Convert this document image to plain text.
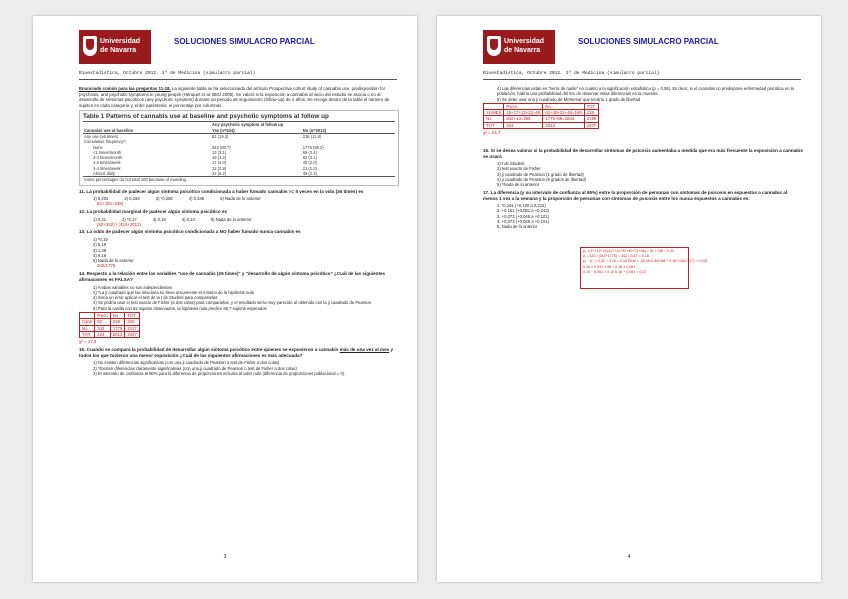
Universidad
de Navarra
SOLUCIONES SIMULACRO PARCIAL
Bioestadística, Octubre 2012. 1º de Medicina (simulacro parcial)

Enunciado común para las preguntas 11-18. La siguiente tabla se ha seleccionado del artículo Prospective cohort study of cannabis use, predisposition for psychosis, and psychotic symptoms in young people (Henquet et al. BMJ 2005). Se valoró si la exposición a cannabis al inicio del estudio se asocia o no al desarrollo de síntomas psicóticos (any psychotic symptom) durante un periodo de seguimiento (follow-up) de 4 años. Se recoge dentro de la tabla el número de sujetos en cada categoría y, entre paréntesis, el porcentaje por columnas.

Table 1 Patterns of cannabis use at baseline and psychotic symptoms at follow up
	Any psychotic symptom at follow up	
Cannabis use at baseline	Yes (n=424)	No (n=2013)
Any use (≥5 times)	82 (19.3)	238 (11.8)
Cumulative frequency*:		
None	342 (80.7)	1775 (88.2)
<1 times/month	13 (3.1)	69 (3.4)
3-4 times/month	18 (4.2)	62 (3.1)
1-2 times/week	17 (4.0)	40 (2.0)
3-4 times/week	12 (2.8)	21 (1.0)
Almost daily	22 (5.2)	46 (2.3)
Some percentages do not total 100 because of rounding.		

11. La probabilidad de padecer algún síntoma psicótico condicionada a haber fumado cannabis >= 5 veces en la vida (≥5 times) es

1) 0,203	2) 0,193	3) *0,256	4) 0,345	5) Nada de lo anterior
82 / (82+238)

12. La probabilidad marginal de padecer algún síntoma psicótico es

1) 0,21	2) *0,17	3) 0,19	4) 0,13	5) Nada de lo anterior
(82+342) / (424+2013)

13. La odds de padecer algún síntoma psicótico condicionada a NO haber fumado nunca cannabis es

1) *0,19
2) 5,19
3) 1,38
4) 0,16
5) Nada de lo anterior
342/1775

14. Respecto a la relación entre las variables "use de cannabis (≥5 times)" y "desarrollo de algún síntoma psicótico" ¿Cuál de las siguientes afirmaciones es FALSA?

1) Ambas variables no son independientes
2) *La ji cuadrado que las relaciona no tiene únicamente el mínimo de la hipótesis nula
3) Sería un error aplicar el test de la t de Student para compararlas
4) Se podría usar el test exacto de Fisher (a dos colas) para compararlas, y el resultado sería muy parecido al obtenido con la ji cuadrado de Pearson
5) Para la casilla con 82 sujetos observados, la hipótesis nula predice 55,7 sujetos esperados
	Psico	No	TOT
Cann	82	238	320
No	342	1775	2117
TOT	424	2013	2437
χ² = 17,3

15. Cuando se compara la probabilidad de desarrollar algún síntoma psicótico entre quienes se expusieron a cannabis más de una vez al mes y todos los que tuvieron una menor exposición ¿Cuál de las siguientes afirmaciones es más adecuada?

1) No existen diferencias significativas (con una ji cuadrado de Pearson o test de Fisher a dos colas)
2) *Existen diferencias claramente significativas (con una ji cuadrado de Pearson o test de Fisher a dos colas)
3) El intervalo de confianza al 90% para la diferencia de proporciones incluiría al valor nulo (diferencia de proporciones poblacional = 0).
3
Universidad
de Navarra
SOLUCIONES SIMULACRO PARCIAL
Bioestadística, Octubre 2012. 1º de Medicina (simulacro parcial)
4) Las diferencias están en "tierra de nadie" en cuanto a la significación estadística (p = 0,06). Es decir, si el cannabis no predispone enfermedad psicótica en la población, habría una probabilidad del 6% de observar estas diferencias en la muestra.
5) Se debe usar una ji cuadrado de McNemar que tendría 1 grado de libertad
	Psico	No	TOT
>1/MES	18+17+12+22=69	62+40+21+46=169	238
No	342+13=355	1775+69=1844	2199
TOT	424	2013	2437
χ² = 24,7

16. Si se desea valorar si la probabilidad de desarrollar síntomas de psicosis aumentaba a medida que era más frecuente la exposición a cannabis se usará

1) t de Student
2) test exacto de Fisher
3) ji cuadrado de Pearson (1 grado de libertad)
4) ji cuadrado de Pearson (5 grados de libertad)
5) *Nada de lo anterior

17. La diferencia (y su intervalo de confianza al 95%) entre la proporción de personas con síntomas de psicosis en expuestos a cannabis al menos 1 vez a la semana y la proporción de personas con síntomas de psicosis entre los nunca expuestos a cannabis es:

1. *0,161 (+0,100 a 0,222)
2. +0,161 (+0,081 a +0,242)
3. +0,073 (+0,045 a +0,101)
4. +0,073 (+0,045 a +0,101)
5. Nada de lo anterior
p₁ =(17+12+22)/(17+12+22+40+21+46) = 51 / 158 = 0,32
p₂ =342 / (342+1775) = 342 / 2117 = 0,16
p₁ − p₂ = 0,32 − 0,16 = 0,16 EEM = √(0,16·0,84/158 + 0,16·0,84/2117) = 0,031
0,16 ± 0,031·1,96 = 0,16 ± 0,061
0,16 − 0,061 = 0,10 0,16 + 0,061 = 0,22
4
